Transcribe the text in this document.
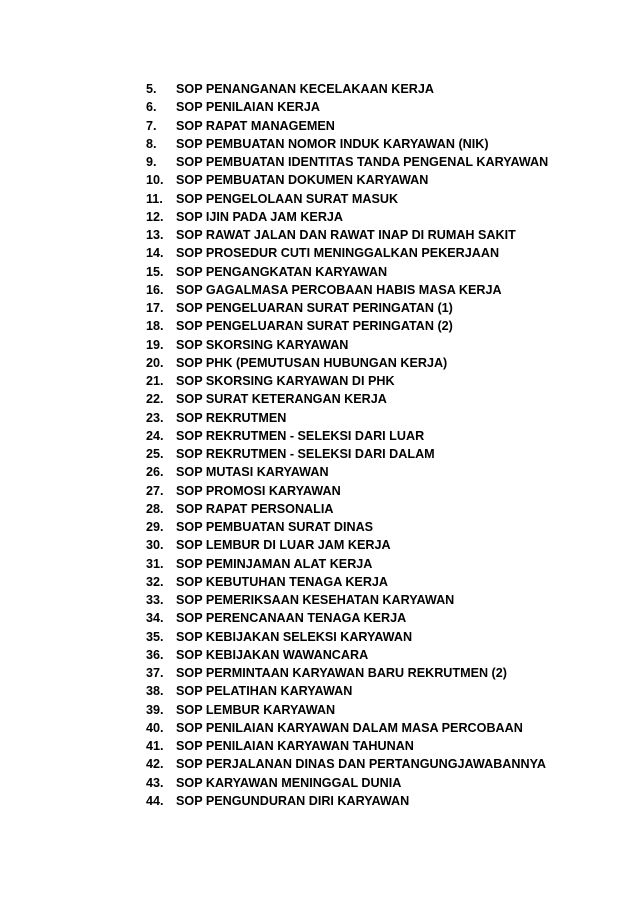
5.	SOP PENANGANAN KECELAKAAN KERJA
6.	SOP PENILAIAN KERJA
7.	SOP RAPAT MANAGEMEN
8.	SOP PEMBUATAN NOMOR INDUK KARYAWAN (NIK)
9.	SOP PEMBUATAN IDENTITAS TANDA PENGENAL KARYAWAN
10. SOP PEMBUATAN DOKUMEN KARYAWAN
11.	SOP PENGELOLAAN SURAT MASUK
12. SOP IJIN PADA JAM KERJA
13. SOP RAWAT JALAN DAN RAWAT INAP DI RUMAH SAKIT
14. SOP PROSEDUR CUTI MENINGGALKAN PEKERJAAN
15. SOP PENGANGKATAN KARYAWAN
16. SOP GAGALMASA PERCOBAAN HABIS MASA KERJA
17. SOP PENGELUARAN SURAT PERINGATAN (1)
18. SOP PENGELUARAN SURAT PERINGATAN (2)
19. SOP SKORSING KARYAWAN
20. SOP PHK (PEMUTUSAN HUBUNGAN KERJA)
21. SOP SKORSING KARYAWAN DI PHK
22. SOP SURAT KETERANGAN KERJA
23. SOP REKRUTMEN
24. SOP REKRUTMEN - SELEKSI DARI LUAR
25. SOP REKRUTMEN - SELEKSI DARI DALAM
26. SOP MUTASI KARYAWAN
27. SOP PROMOSI KARYAWAN
28. SOP RAPAT PERSONALIA
29. SOP PEMBUATAN SURAT DINAS
30. SOP LEMBUR DI LUAR JAM KERJA
31. SOP PEMINJAMAN ALAT KERJA
32. SOP KEBUTUHAN TENAGA KERJA
33. SOP PEMERIKSAAN KESEHATAN KARYAWAN
34. SOP PERENCANAAN TENAGA KERJA
35. SOP KEBIJAKAN SELEKSI KARYAWAN
36. SOP KEBIJAKAN WAWANCARA
37. SOP PERMINTAAN KARYAWAN BARU REKRUTMEN (2)
38. SOP PELATIHAN KARYAWAN
39. SOP LEMBUR KARYAWAN
40. SOP PENILAIAN KARYAWAN DALAM MASA PERCOBAAN
41. SOP PENILAIAN KARYAWAN TAHUNAN
42. SOP PERJALANAN DINAS DAN PERTANGUNGJAWABANNYA
43. SOP KARYAWAN MENINGGAL DUNIA
44. SOP PENGUNDURAN DIRI KARYAWAN
